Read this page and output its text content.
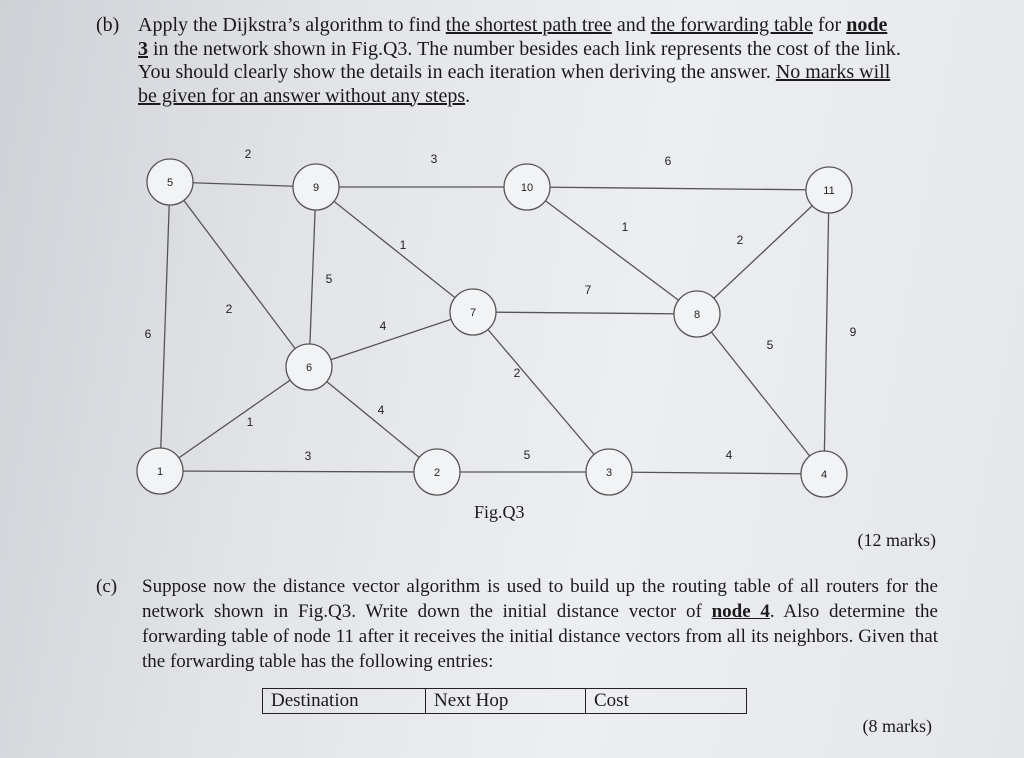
(b) Apply the Dijkstra’s algorithm to find the shortest path tree and the forwarding table for node
3 in the network shown in Fig.Q3. The number besides each link represents the cost of the link.
You should clearly show the details in each iteration when deriving the answer. No marks will
be given for an answer without any steps.
2	3	6
1
2
1
5
2
6
7
4	9
5
2
4
1
3	5	4
5	9	10	11
7	8
6
1	2	3	4
Fig.Q3
(12 marks)
(c) Suppose now the distance vector algorithm is used to build up the routing table of all routers for the network shown in Fig.Q3. Write down the initial distance vector of node 4. Also determine the forwarding table of node 11 after it receives the initial distance vectors from all its neighbors. Given that the forwarding table has the following entries:
Destination	Next Hop	Cost
(8 marks)
